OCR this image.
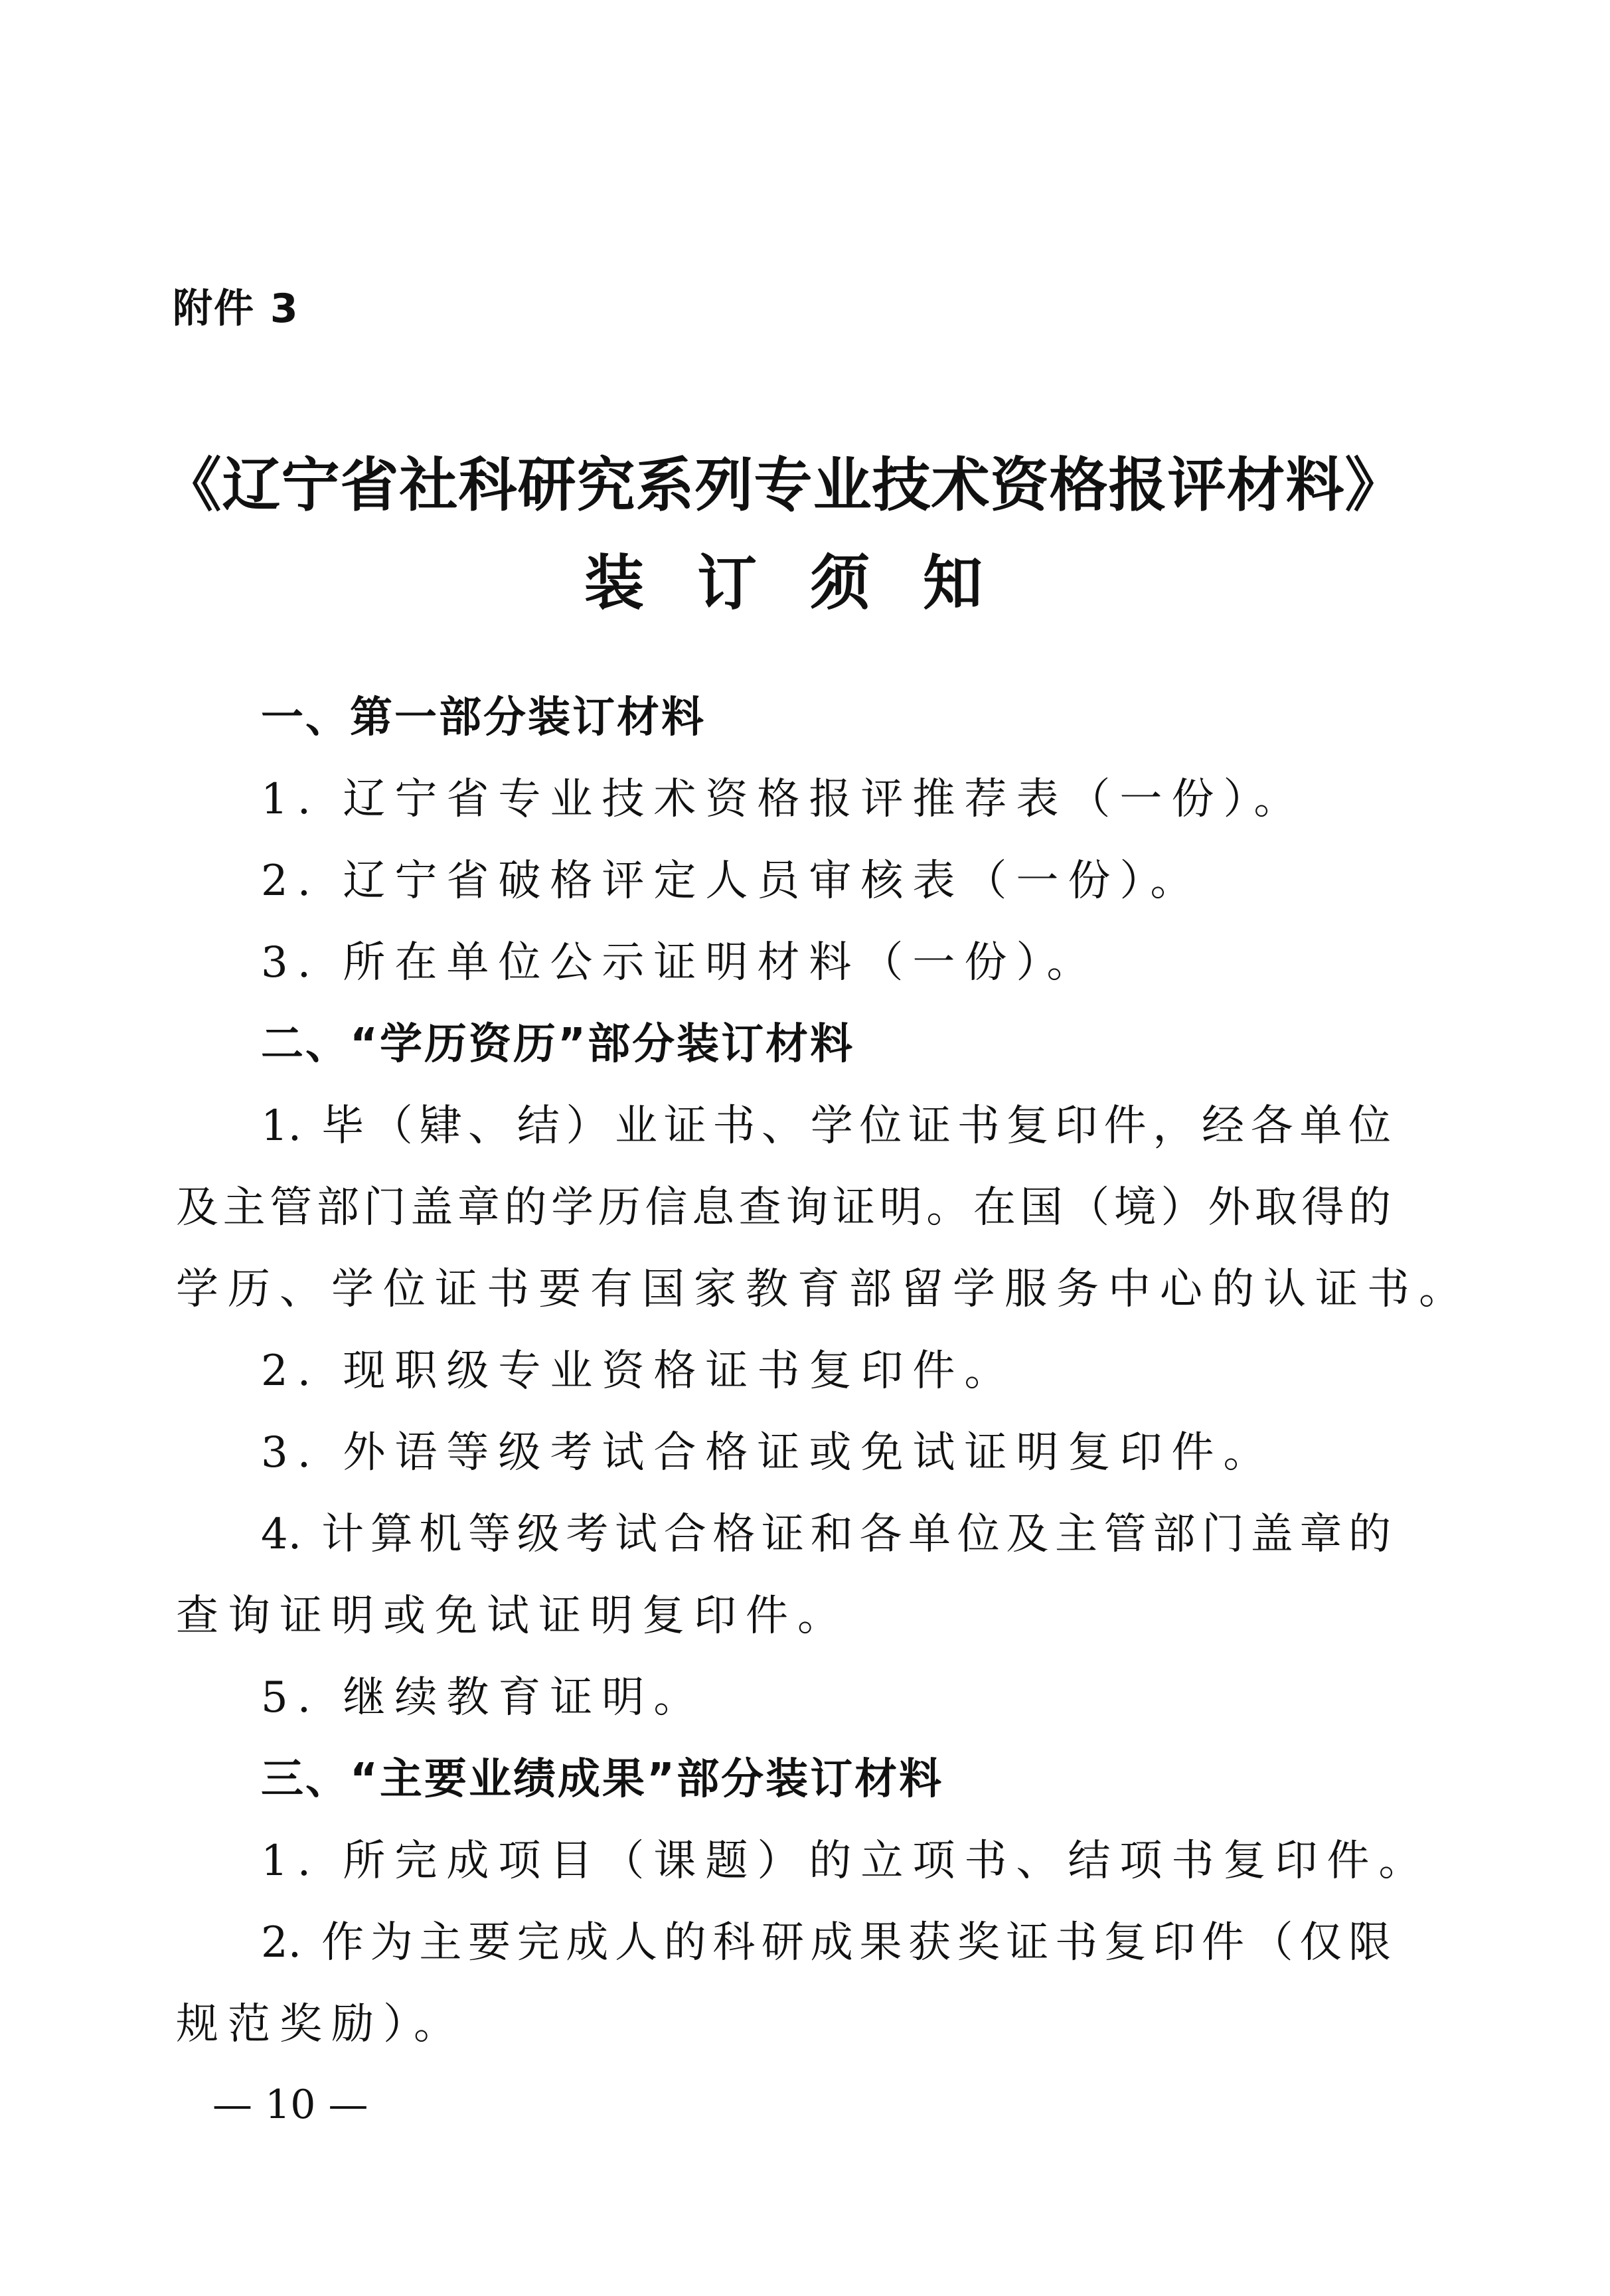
附件 3
《辽宁省社科研究系列专业技术资格报评材料》
装订须知
一、第一部分装订材料
1. 辽宁省专业技术资格报评推荐表（一份）。
2. 辽宁省破格评定人员审核表（一份）。
3. 所在单位公示证明材料（一份）。
二、“学历资历”部分装订材料
1. 毕（肄、结）业证书、学位证书复印件，经各单位
及主管部门盖章的学历信息查询证明。在国（境）外取得的
学历、学位证书要有国家教育部留学服务中心的认证书。
2. 现职级专业资格证书复印件。
3. 外语等级考试合格证或免试证明复印件。
4. 计算机等级考试合格证和各单位及主管部门盖章的
查询证明或免试证明复印件。
5. 继续教育证明。
三、“主要业绩成果”部分装订材料
1. 所完成项目（课题）的立项书、结项书复印件。
2. 作为主要完成人的科研成果获奖证书复印件（仅限
规范奖励）。
— 10 —
